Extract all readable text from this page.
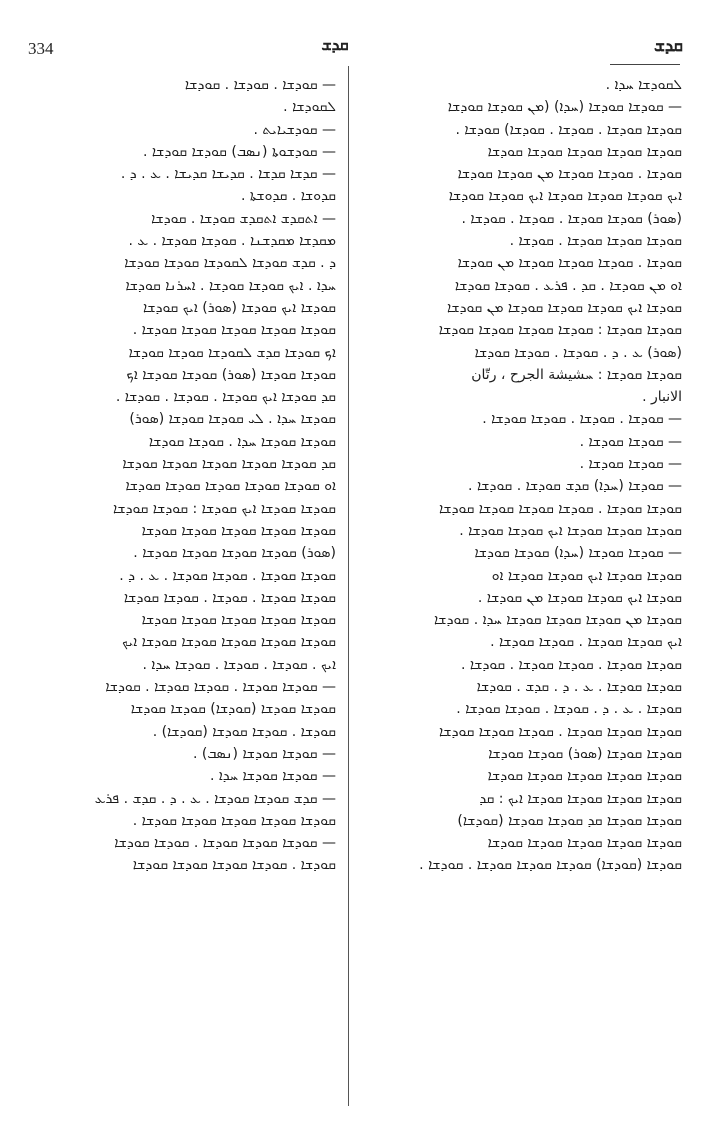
334	ܩܕܫ	ܩܕܫ
— ܩܘܕܫܐ . ܩܘܕܫܐ . ܩܘܕܫܐ
ܠܩܘܕܫܐ .
— ܩܘܕܫܝܐܝܬ .
— ܩܘܕܫܘܬܐ (ܢܣܒ) ܩܘܕܫܐ ܩܘܕܫܐ .
— ܩܕܫܐ ܩܕܫܐ . ܩܕܝܫܐ ܩܕܝܫܐ . ܥ . ܕ .
ܩܕܘܫܐ . ܩܕܘܫܬܐ .
— ܐܬܩܕܫ ܐܬܩܕܫ ܩܘܕܫܐ . ܩܘܕܫܐ
ܡܩܕܫܐ ܡܩܕܫܢܐ . ܩܘܕܫܐ ܩܘܕܫܐ . ܥ .
ܕ . ܩܕܫ ܩܘܕܫܐ ܠܩܘܕܫܐ ܩܘܕܫܐ ܩܘܕܫܐ
ܚܕܐ . ܐܝܟ ܩܘܕܫܐ ܩܘܕܫܐ . ܐܚܪܢܐ ܩܘܕܫܐ
ܩܘܕܫܐ ܐܝܟ ܩܘܕܫܐ (ܣܘܪ) ܐܝܟ ܩܘܕܫܐ
ܩܘܕܫܐ ܩܘܕܫܐ ܩܘܕܫܐ ܩܘܕܫܐ ܩܘܕܫܐ .
ܐܟ ܩܘܕܫܐ ܩܕܫ ܠܩܘܕܫܐ ܩܘܕܫܐ ܩܘܕܫܐ
ܩܘܕܫܐ ܩܘܕܫܐ (ܣܘܪ) ܩܘܕܫܐ ܩܘܕܫܐ ܐܟ
ܩܕ ܩܘܕܫܐ ܐܝܟ ܩܘܕܫܐ . ܩܘܕܫܐ . ܩܘܕܫܐ .
ܩܘܕܫܐ ܚܕܐ . ܠܝ ܩܘܕܫܐ ܩܘܕܫܐ (ܣܘܪ)
ܩܘܕܫܐ ܩܘܕܫܐ ܚܕܐ . ܩܘܕܫܐ ܩܘܕܫܐ
ܩܕ ܩܘܕܫܐ ܩܘܕܫܐ ܩܘܕܫܐ ܩܘܕܫܐ ܩܘܕܫܐ
ܐܘ ܩܘܕܫܐ ܩܘܕܫܐ ܩܘܕܫܐ ܩܘܕܫܐ ܩܘܕܫܐ
ܩܘܕܫܐ ܩܘܕܫܐ ܐܝܟ ܩܘܕܫܐ : ܩܘܕܫܐ ܩܘܕܫܐ
ܩܘܕܫܐ ܩܘܕܫܐ ܩܘܕܫܐ ܩܘܕܫܐ ܩܘܕܫܐ
(ܣܘܪ) ܩܘܕܫܐ ܩܘܕܫܐ ܩܘܕܫܐ ܩܘܕܫܐ .
ܩܘܕܫܐ ܩܘܕܫܐ . ܩܘܕܫܐ ܩܘܕܫܐ . ܥ . ܕ .
ܩܘܕܫܐ ܩܘܕܫܐ . ܩܘܕܫܐ . ܩܘܕܫܐ ܩܘܕܫܐ
ܩܘܕܫܐ ܩܘܕܫܐ ܩܘܕܫܐ ܩܘܕܫܐ ܩܘܕܫܐ
ܩܘܕܫܐ ܩܘܕܫܐ ܩܘܕܫܐ ܩܘܕܫܐ ܩܘܕܫܐ ܐܝܟ
ܐܝܟ . ܩܘܕܫܐ . ܩܘܕܫܐ . ܩܘܕܫܐ ܚܕܐ .
— ܩܘܕܫܐ ܩܘܕܫܐ . ܩܘܕܫܐ ܩܘܕܫܐ . ܩܘܕܫܐ
ܩܘܕܫܐ ܩܘܕܫܐ (ܩܘܕܫܐ) ܩܘܕܫܐ ܩܘܕܫܐ
ܩܘܕܫܐ . ܩܘܕܫܐ ܩܘܕܫܐ (ܩܘܕܫܐ) .
— ܩܘܕܫܐ ܩܘܕܫܐ (ܢܣܒ) .
— ܩܘܕܫܐ ܩܘܕܫܐ ܚܕܐ .
— ܩܕܫ ܩܘܕܫܐ ܩܘܕܫܐ . ܥ . ܕ . ܩܕܫ . ܦܪܥ
ܩܘܕܫܐ ܩܘܕܫܐ ܩܘܕܫܐ ܩܘܕܫܐ ܩܘܕܫܐ .
— ܩܘܕܫܐ ܩܘܕܫܐ ܩܘܕܫܐ . ܩܘܕܫܐ ܩܘܕܫܐ
ܩܘܕܫܐ . ܩܘܕܫܐ ܩܘܕܫܐ ܩܘܕܫܐ ܩܘܕܫܐ
ܠܩܘܕܫܐ ܚܕܐ .
— ܩܘܕܫܐ ܩܘܕܫܐ (ܚܕܐ) (ܡܢ ܩܘܕܫܐ ܩܘܕܫܐ
ܩܘܕܫܐ ܩܘܕܫܐ . ܩܘܕܫܐ . ܩܘܕܫܐ) ܩܘܕܫܐ .
ܩܘܕܫܐ ܩܘܕܫܐ ܩܘܕܫܐ ܩܘܕܫܐ ܩܘܕܫܐ
ܩܘܕܫܐ . ܩܘܕܫܐ ܩܘܕܫܐ ܡܢ ܩܘܕܫܐ ܩܘܕܫܐ
ܐܝܟ ܩܘܕܫܐ ܩܘܕܫܐ ܩܘܕܫܐ ܐܝܟ ܩܘܕܫܐ ܩܘܕܫܐ
(ܣܘܪ) ܩܘܕܫܐ ܩܘܕܫܐ . ܩܘܕܫܐ . ܩܘܕܫܐ .
ܩܘܕܫܐ ܩܘܕܫܐ ܩܘܕܫܐ . ܩܘܕܫܐ .
ܩܘܕܫܐ . ܩܘܕܫܐ ܩܘܕܫܐ ܩܘܕܫܐ ܡܢ ܩܘܕܫܐ
ܐܘ ܡܢ ܩܘܕܫܐ . ܩܕ . ܦܪܥ . ܩܘܕܫܐ ܩܘܕܫܐ
ܩܘܕܫܐ ܐܝܟ ܩܘܕܫܐ ܩܘܕܫܐ ܩܘܕܫܐ ܡܢ ܩܘܕܫܐ
ܩܘܕܫܐ ܩܘܕܫܐ : ܩܘܕܫܐ ܩܘܕܫܐ ܩܘܕܫܐ ܩܘܕܫܐ
(ܣܘܪ) ܥ . ܕ . ܩܘܕܫܐ . ܩܘܕܫܐ ܩܘܕܫܐ
ܩܘܕܫܐ ܩܘܕܫܐ : ܚشيشة الجرح ، رتّان
الانبار .
— ܩܘܕܫܐ . ܩܘܕܫܐ . ܩܘܕܫܐ ܩܘܕܫܐ .
— ܩܘܕܫܐ ܩܘܕܫܐ .
— ܩܘܕܫܐ ܩܘܕܫܐ .
— ܩܘܕܫܐ (ܚܕܐ) ܩܕܫ ܩܘܕܫܐ . ܩܘܕܫܐ .
ܩܘܕܫܐ ܩܘܕܫܐ . ܩܘܕܫܐ ܩܘܕܫܐ ܩܘܕܫܐ ܩܘܕܫܐ
ܩܘܕܫܐ ܩܘܕܫܐ ܩܘܕܫܐ ܐܝܟ ܩܘܕܫܐ ܩܘܕܫܐ .
— ܩܘܕܫܐ ܩܘܕܫܐ (ܚܕܐ) ܩܘܕܫܐ ܩܘܕܫܐ
ܩܘܕܫܐ ܩܘܕܫܐ ܐܝܟ ܩܘܕܫܐ ܩܘܕܫܐ ܐܘ
ܩܘܕܫܐ ܐܝܟ ܩܘܕܫܐ ܩܘܕܫܐ ܡܢ ܩܘܕܫܐ .
ܩܘܕܫܐ ܡܢ ܩܘܕܫܐ ܩܘܕܫܐ ܩܘܕܫܐ ܚܕܐ . ܩܘܕܫܐ
ܐܝܟ ܩܘܕܫܐ ܩܘܕܫܐ . ܩܘܕܫܐ ܩܘܕܫܐ .
ܩܘܕܫܐ ܩܘܕܫܐ . ܩܘܕܫܐ ܩܘܕܫܐ . ܩܘܕܫܐ .
ܩܘܕܫܐ ܩܘܕܫܐ . ܥ . ܕ . ܩܕܫ . ܩܘܕܫܐ
ܩܘܕܫܐ . ܥ . ܕ . ܩܘܕܫܐ . ܩܘܕܫܐ ܩܘܕܫܐ .
ܩܘܕܫܐ ܩܘܕܫܐ ܩܘܕܫܐ . ܩܘܕܫܐ ܩܘܕܫܐ ܩܘܕܫܐ
ܩܘܕܫܐ ܩܘܕܫܐ (ܣܘܪ) ܩܘܕܫܐ ܩܘܕܫܐ
ܩܘܕܫܐ ܩܘܕܫܐ ܩܘܕܫܐ ܩܘܕܫܐ ܩܘܕܫܐ
ܩܘܕܫܐ ܩܘܕܫܐ ܩܘܕܫܐ ܩܘܕܫܐ ܐܝܟ : ܩܕ
ܩܘܕܫܐ ܩܘܕܫܐ ܩܕ ܩܘܕܫܐ ܩܘܕܫܐ (ܩܘܕܫܐ)
ܩܘܕܫܐ ܩܘܕܫܐ ܩܘܕܫܐ ܩܘܕܫܐ ܩܘܕܫܐ
ܩܘܕܫܐ (ܩܘܕܫܐ) ܩܘܕܫܐ ܩܘܕܫܐ ܩܘܕܫܐ . ܩܘܕܫܐ .
